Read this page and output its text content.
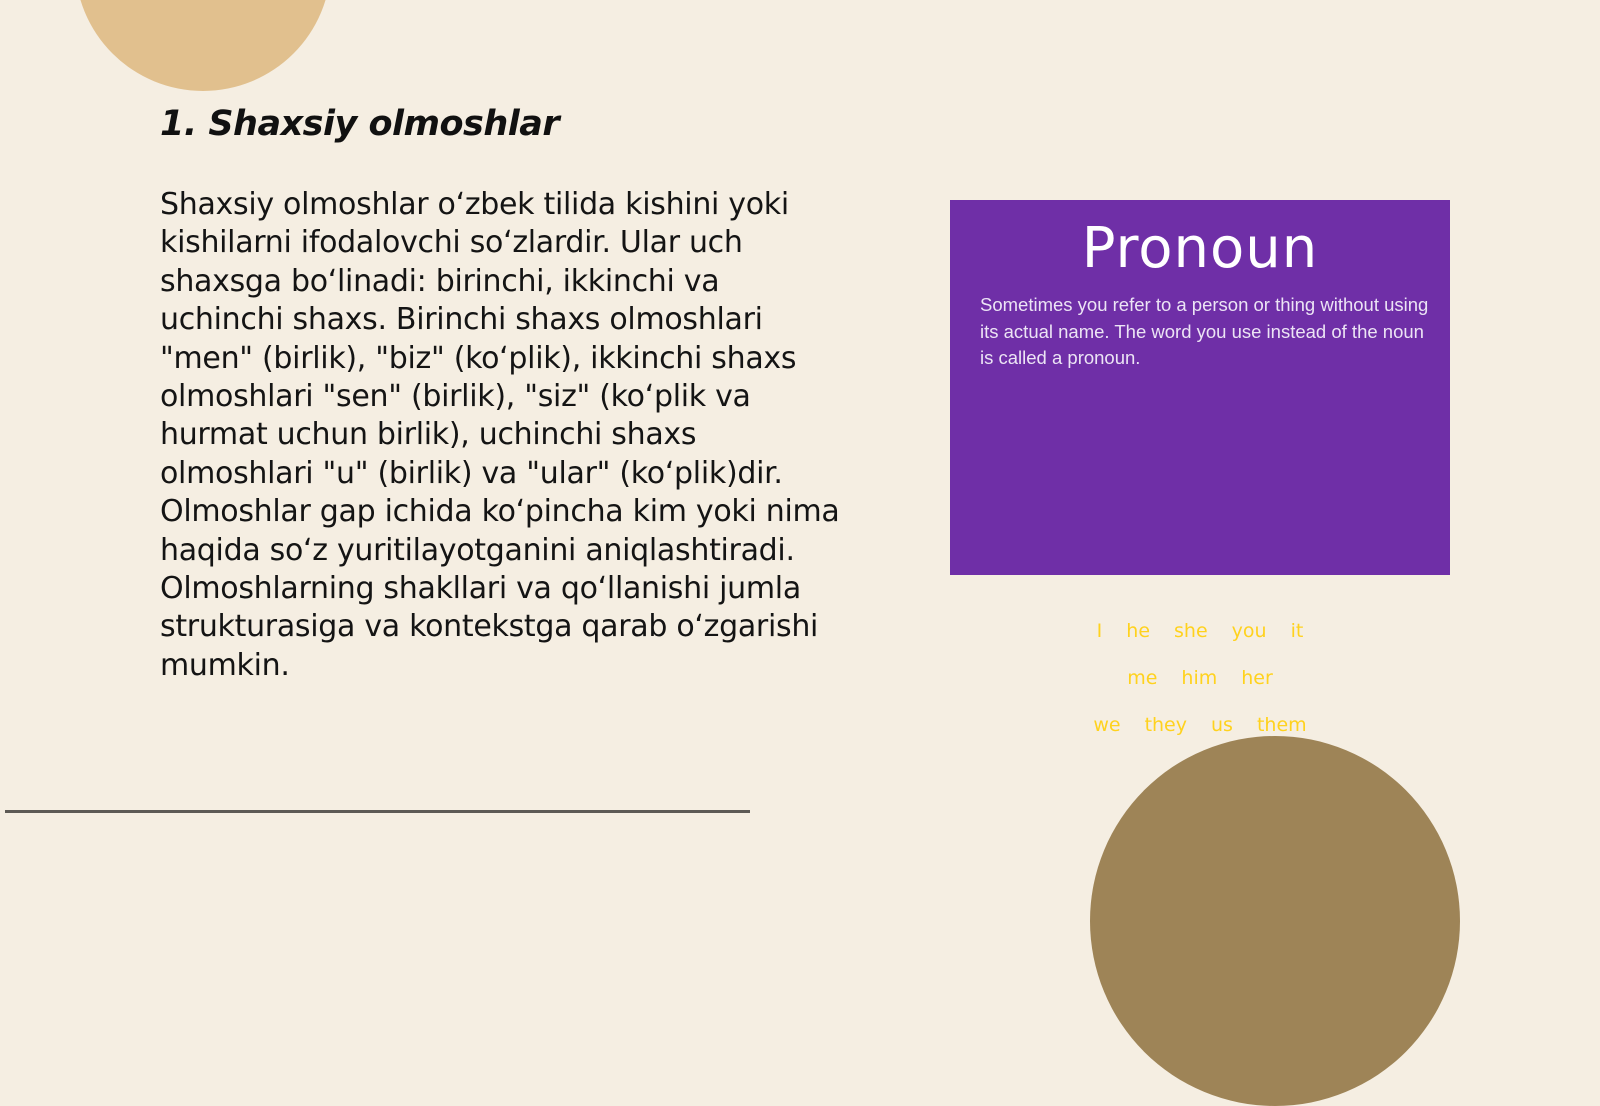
1. Shaxsiy olmoshlar

Shaxsiy olmoshlar o‘zbek tilida kishini yoki kishilarni ifodalovchi so‘zlardir. Ular uch shaxsga bo‘linadi: birinchi, ikkinchi va uchinchi shaxs. Birinchi shaxs olmoshlari "men" (birlik), "biz" (ko‘plik), ikkinchi shaxs olmoshlari "sen" (birlik), "siz" (ko‘plik va hurmat uchun birlik), uchinchi shaxs olmoshlari "u" (birlik) va "ular" (ko‘plik)dir. Olmoshlar gap ichida ko‘pincha kim yoki nima haqida so‘z yuritilayotganini aniqlashtiradi. Olmoshlarning shakllari va qo‘llanishi jumla strukturasiga va kontekstga qarab o‘zgarishi mumkin.

Pronoun
Sometimes you refer to a person or thing without using its actual name. The word you use instead of the noun is called a pronoun.
I he she you it
me him her
we they us them
